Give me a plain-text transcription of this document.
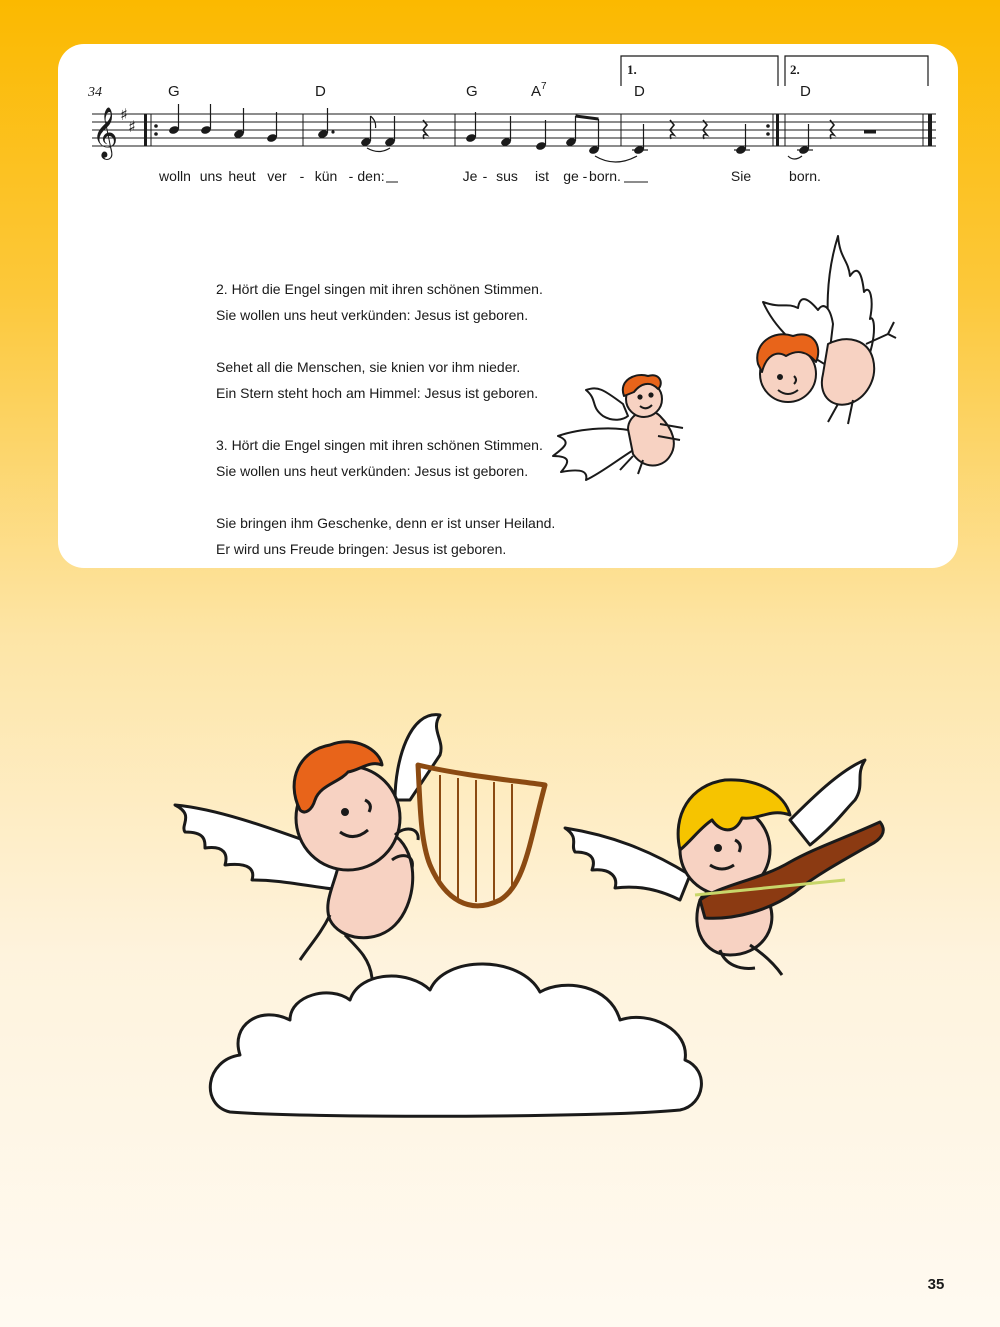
34	G	D	G	A 7	D	D
1.	2.
𝄞 ♯
♯
wolln uns heut ver - kün - den:	Je - sus ist ge - born.	Sie	born.

2. Hört die Engel singen mit ihren schönen Stimmen.
Sie wollen uns heut verkünden: Jesus ist geboren.

Sehet all die Menschen, sie knien vor ihm nieder.
Ein Stern steht hoch am Himmel: Jesus ist geboren.

3. Hört die Engel singen mit ihren schönen Stimmen.
Sie wollen uns heut verkünden: Jesus ist geboren.

Sie bringen ihm Geschenke, denn er ist unser Heiland.
Er wird uns Freude bringen: Jesus ist geboren.

35
